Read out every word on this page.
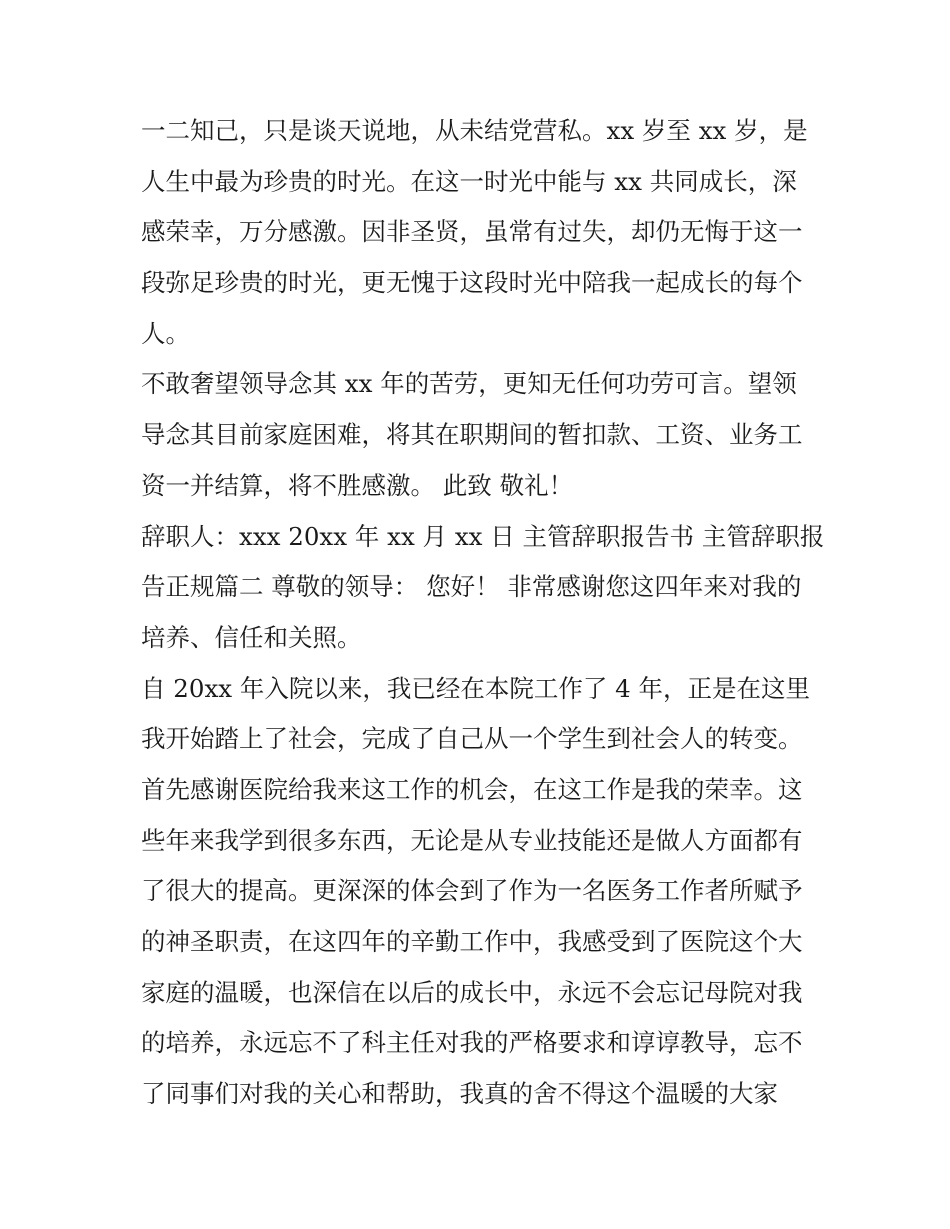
一二知己，只是谈天说地，从未结党营私。xx 岁至 xx 岁，是
人生中最为珍贵的时光。在这一时光中能与 xx 共同成长，深
感荣幸，万分感激。因非圣贤，虽常有过失，却仍无悔于这一
段弥足珍贵的时光，更无愧于这段时光中陪我一起成长的每个
人。
不敢奢望领导念其 xx 年的苦劳，更知无任何功劳可言。望领
导念其目前家庭困难，将其在职期间的暂扣款、工资、业务工
资一并结算，将不胜感激。 此致 敬礼！
辞职人：xxx 20xx 年 xx 月 xx 日 主管辞职报告书 主管辞职报
告正规篇二 尊敬的领导： 您好！ 非常感谢您这四年来对我的
培养、信任和关照。
自 20xx 年入院以来，我已经在本院工作了 4 年，正是在这里
我开始踏上了社会，完成了自己从一个学生到社会人的转变。
首先感谢医院给我来这工作的机会，在这工作是我的荣幸。这
些年来我学到很多东西，无论是从专业技能还是做人方面都有
了很大的提高。更深深的体会到了作为一名医务工作者所赋予
的神圣职责，在这四年的辛勤工作中，我感受到了医院这个大
家庭的温暖，也深信在以后的成长中，永远不会忘记母院对我
的培养，永远忘不了科主任对我的严格要求和谆谆教导，忘不
了同事们对我的关心和帮助，我真的舍不得这个温暖的大家
